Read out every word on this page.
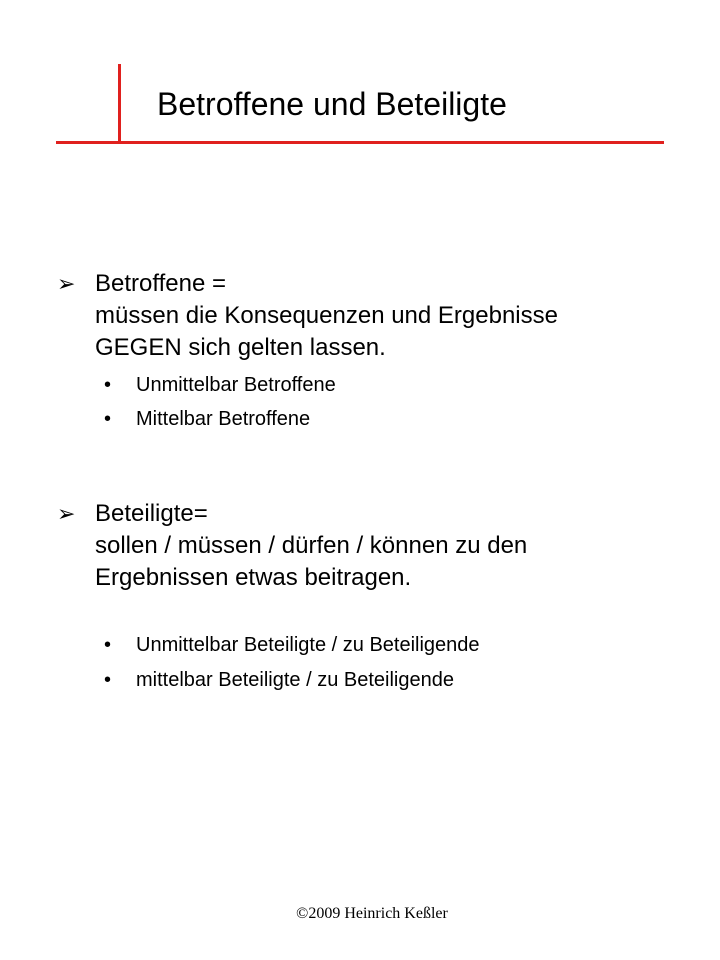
Betroffene und Beteiligte
➢ Betroffene =
müssen die Konsequenzen und Ergebnisse
GEGEN sich gelten lassen.
• Unmittelbar Betroffene
• Mittelbar Betroffene
➢ Beteiligte=
sollen / müssen / dürfen / können zu den
Ergebnissen etwas beitragen.
• Unmittelbar Beteiligte / zu Beteiligende
• mittelbar Beteiligte / zu Beteiligende
©2009 Heinrich Keßler
